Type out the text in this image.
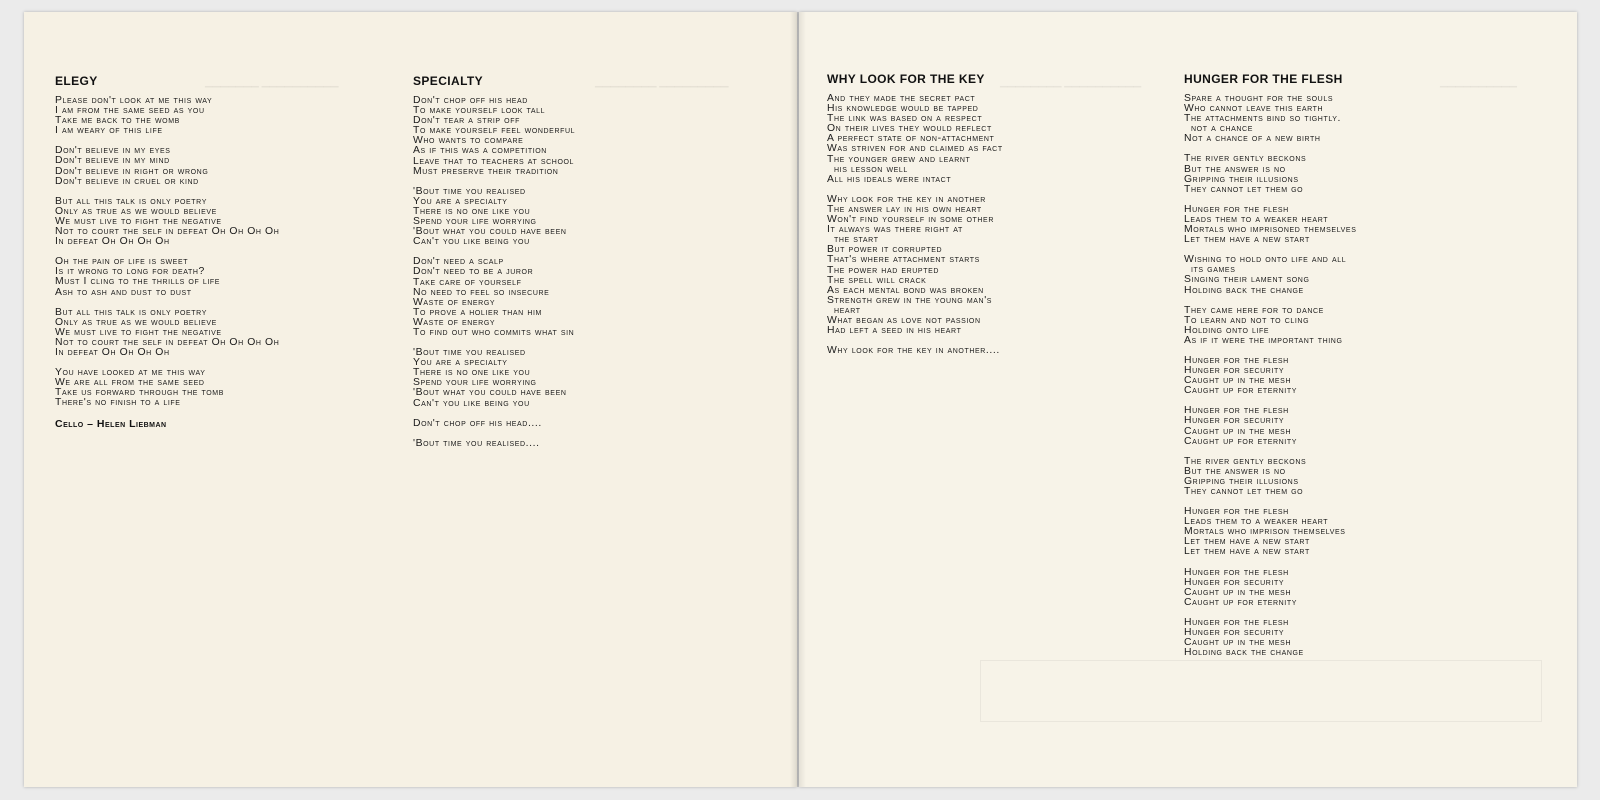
▁▁▁▁▁▁▁ ▁▁▁▁▁▁▁▁▁▁	▁▁▁▁▁▁▁▁ ▁▁▁▁▁▁▁▁▁	▁▁▁▁▁▁▁▁ ▁▁▁▁▁▁▁▁▁▁	▁▁▁▁▁▁▁▁▁▁
ELEGY
Please don't look at me this way
I am from the same seed as you
Take me back to the womb
I am weary of this life
Don't believe in my eyes
Don't believe in my mind
Don't believe in right or wrong
Don't believe in cruel or kind
But all this talk is only poetry
Only as true as we would believe
We must live to fight the negative
Not to court the self in defeat Oh Oh Oh Oh
In defeat Oh Oh Oh Oh
Oh the pain of life is sweet
Is it wrong to long for death?
Must I cling to the thrills of life
Ash to ash and dust to dust
But all this talk is only poetry
Only as true as we would believe
We must live to fight the negative
Not to court the self in defeat Oh Oh Oh Oh
In defeat Oh Oh Oh Oh
You have looked at me this way
We are all from the same seed
Take us forward through the tomb
There's no finish to a life
Cello – Helen Liebman
SPECIALTY
Don't chop off his head
To make yourself look tall
Don't tear a strip off
To make yourself feel wonderful
Who wants to compare
As if this was a competition
Leave that to teachers at school
Must preserve their tradition
'Bout time you realised
You are a specialty
There is no one like you
Spend your life worrying
'Bout what you could have been
Can't you like being you
Don't need a scalp
Don't need to be a juror
Take care of yourself
No need to feel so insecure
Waste of energy
To prove a holier than him
Waste of energy
To find out who commits what sin
'Bout time you realised
You are a specialty
There is no one like you
Spend your life worrying
'Bout what you could have been
Can't you like being you
Don't chop off his head....
'Bout time you realised....
WHY LOOK FOR THE KEY
And they made the secret pact
His knowledge would be tapped
The link was based on a respect
On their lives they would reflect
A perfect state of non-attachment
Was striven for and claimed as fact
The younger grew and learnt
his lesson well
All his ideals were intact
Why look for the key in another
The answer lay in his own heart
Won't find yourself in some other
It always was there right at
the start
But power it corrupted
That's where attachment starts
The power had erupted
The spell will crack
As each mental bond was broken
Strength grew in the young man's
heart
What began as love not passion
Had left a seed in his heart
Why look for the key in another....
HUNGER FOR THE FLESH
Spare a thought for the souls
Who cannot leave this earth
The attachments bind so tightly.
not a chance
Not a chance of a new birth
The river gently beckons
But the answer is no
Gripping their illusions
They cannot let them go
Hunger for the flesh
Leads them to a weaker heart
Mortals who imprisoned themselves
Let them have a new start
Wishing to hold onto life and all
its games
Singing their lament song
Holding back the change
They came here for to dance
To learn and not to cling
Holding onto life
As if it were the important thing
Hunger for the flesh
Hunger for security
Caught up in the mesh
Caught up for eternity
Hunger for the flesh
Hunger for security
Caught up in the mesh
Caught up for eternity
The river gently beckons
But the answer is no
Gripping their illusions
They cannot let them go
Hunger for the flesh
Leads them to a weaker heart
Mortals who imprison themselves
Let them have a new start
Let them have a new start
Hunger for the flesh
Hunger for security
Caught up in the mesh
Caught up for eternity
Hunger for the flesh
Hunger for security
Caught up in the mesh
Holding back the change
